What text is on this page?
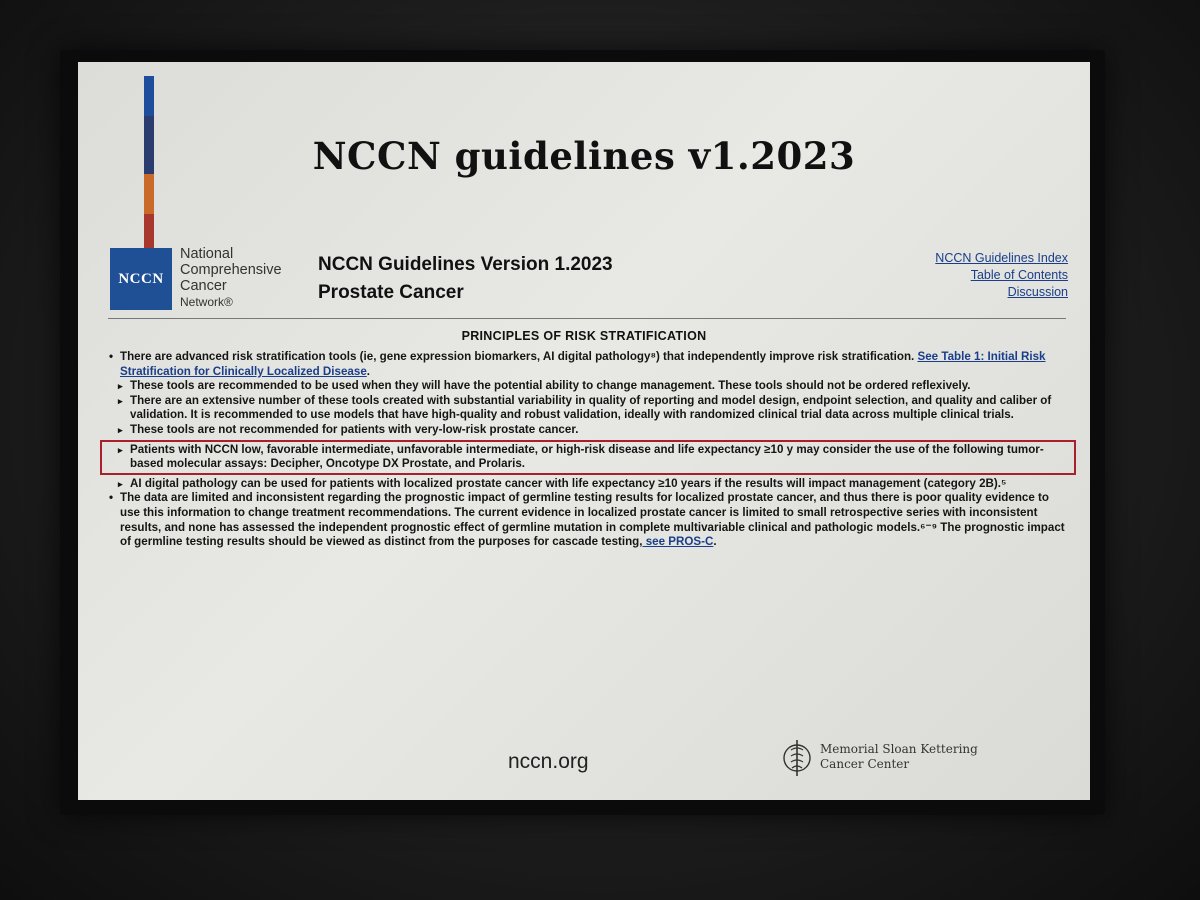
NCCN guidelines v1.2023
NCCN
National
Comprehensive
Cancer
Network®
NCCN Guidelines Version 1.2023
Prostate Cancer
NCCN Guidelines Index
Table of Contents
Discussion
PRINCIPLES OF RISK STRATIFICATION

• There are advanced risk stratification tools (ie, gene expression biomarkers, AI digital pathology⁸) that independently improve risk stratification. See Table 1: Initial Risk Stratification for Clinically Localized Disease.

▸ These tools are recommended to be used when they will have the potential ability to change management. These tools should not be ordered reflexively.

▸ There are an extensive number of these tools created with substantial variability in quality of reporting and model design, endpoint selection, and quality and caliber of validation. It is recommended to use models that have high-quality and robust validation, ideally with randomized clinical trial data across multiple clinical trials.

▸ These tools are not recommended for patients with very-low-risk prostate cancer.

▸ Patients with NCCN low, favorable intermediate, unfavorable intermediate, or high-risk disease and life expectancy ≥10 y may consider the use of the following tumor-based molecular assays: Decipher, Oncotype DX Prostate, and Prolaris.

▸ AI digital pathology can be used for patients with localized prostate cancer with life expectancy ≥10 years if the results will impact management (category 2B).⁵

• The data are limited and inconsistent regarding the prognostic impact of germline testing results for localized prostate cancer, and thus there is poor quality evidence to use this information to change treatment recommendations. The current evidence in localized prostate cancer is limited to small retrospective series with inconsistent results, and none has assessed the independent prognostic effect of germline mutation in complete multivariable clinical and pathologic models.⁶⁻⁹ The prognostic impact of germline testing results should be viewed as distinct from the purposes for cascade testing, see PROS-C.

nccn.org
Memorial Sloan Kettering
Cancer Center
